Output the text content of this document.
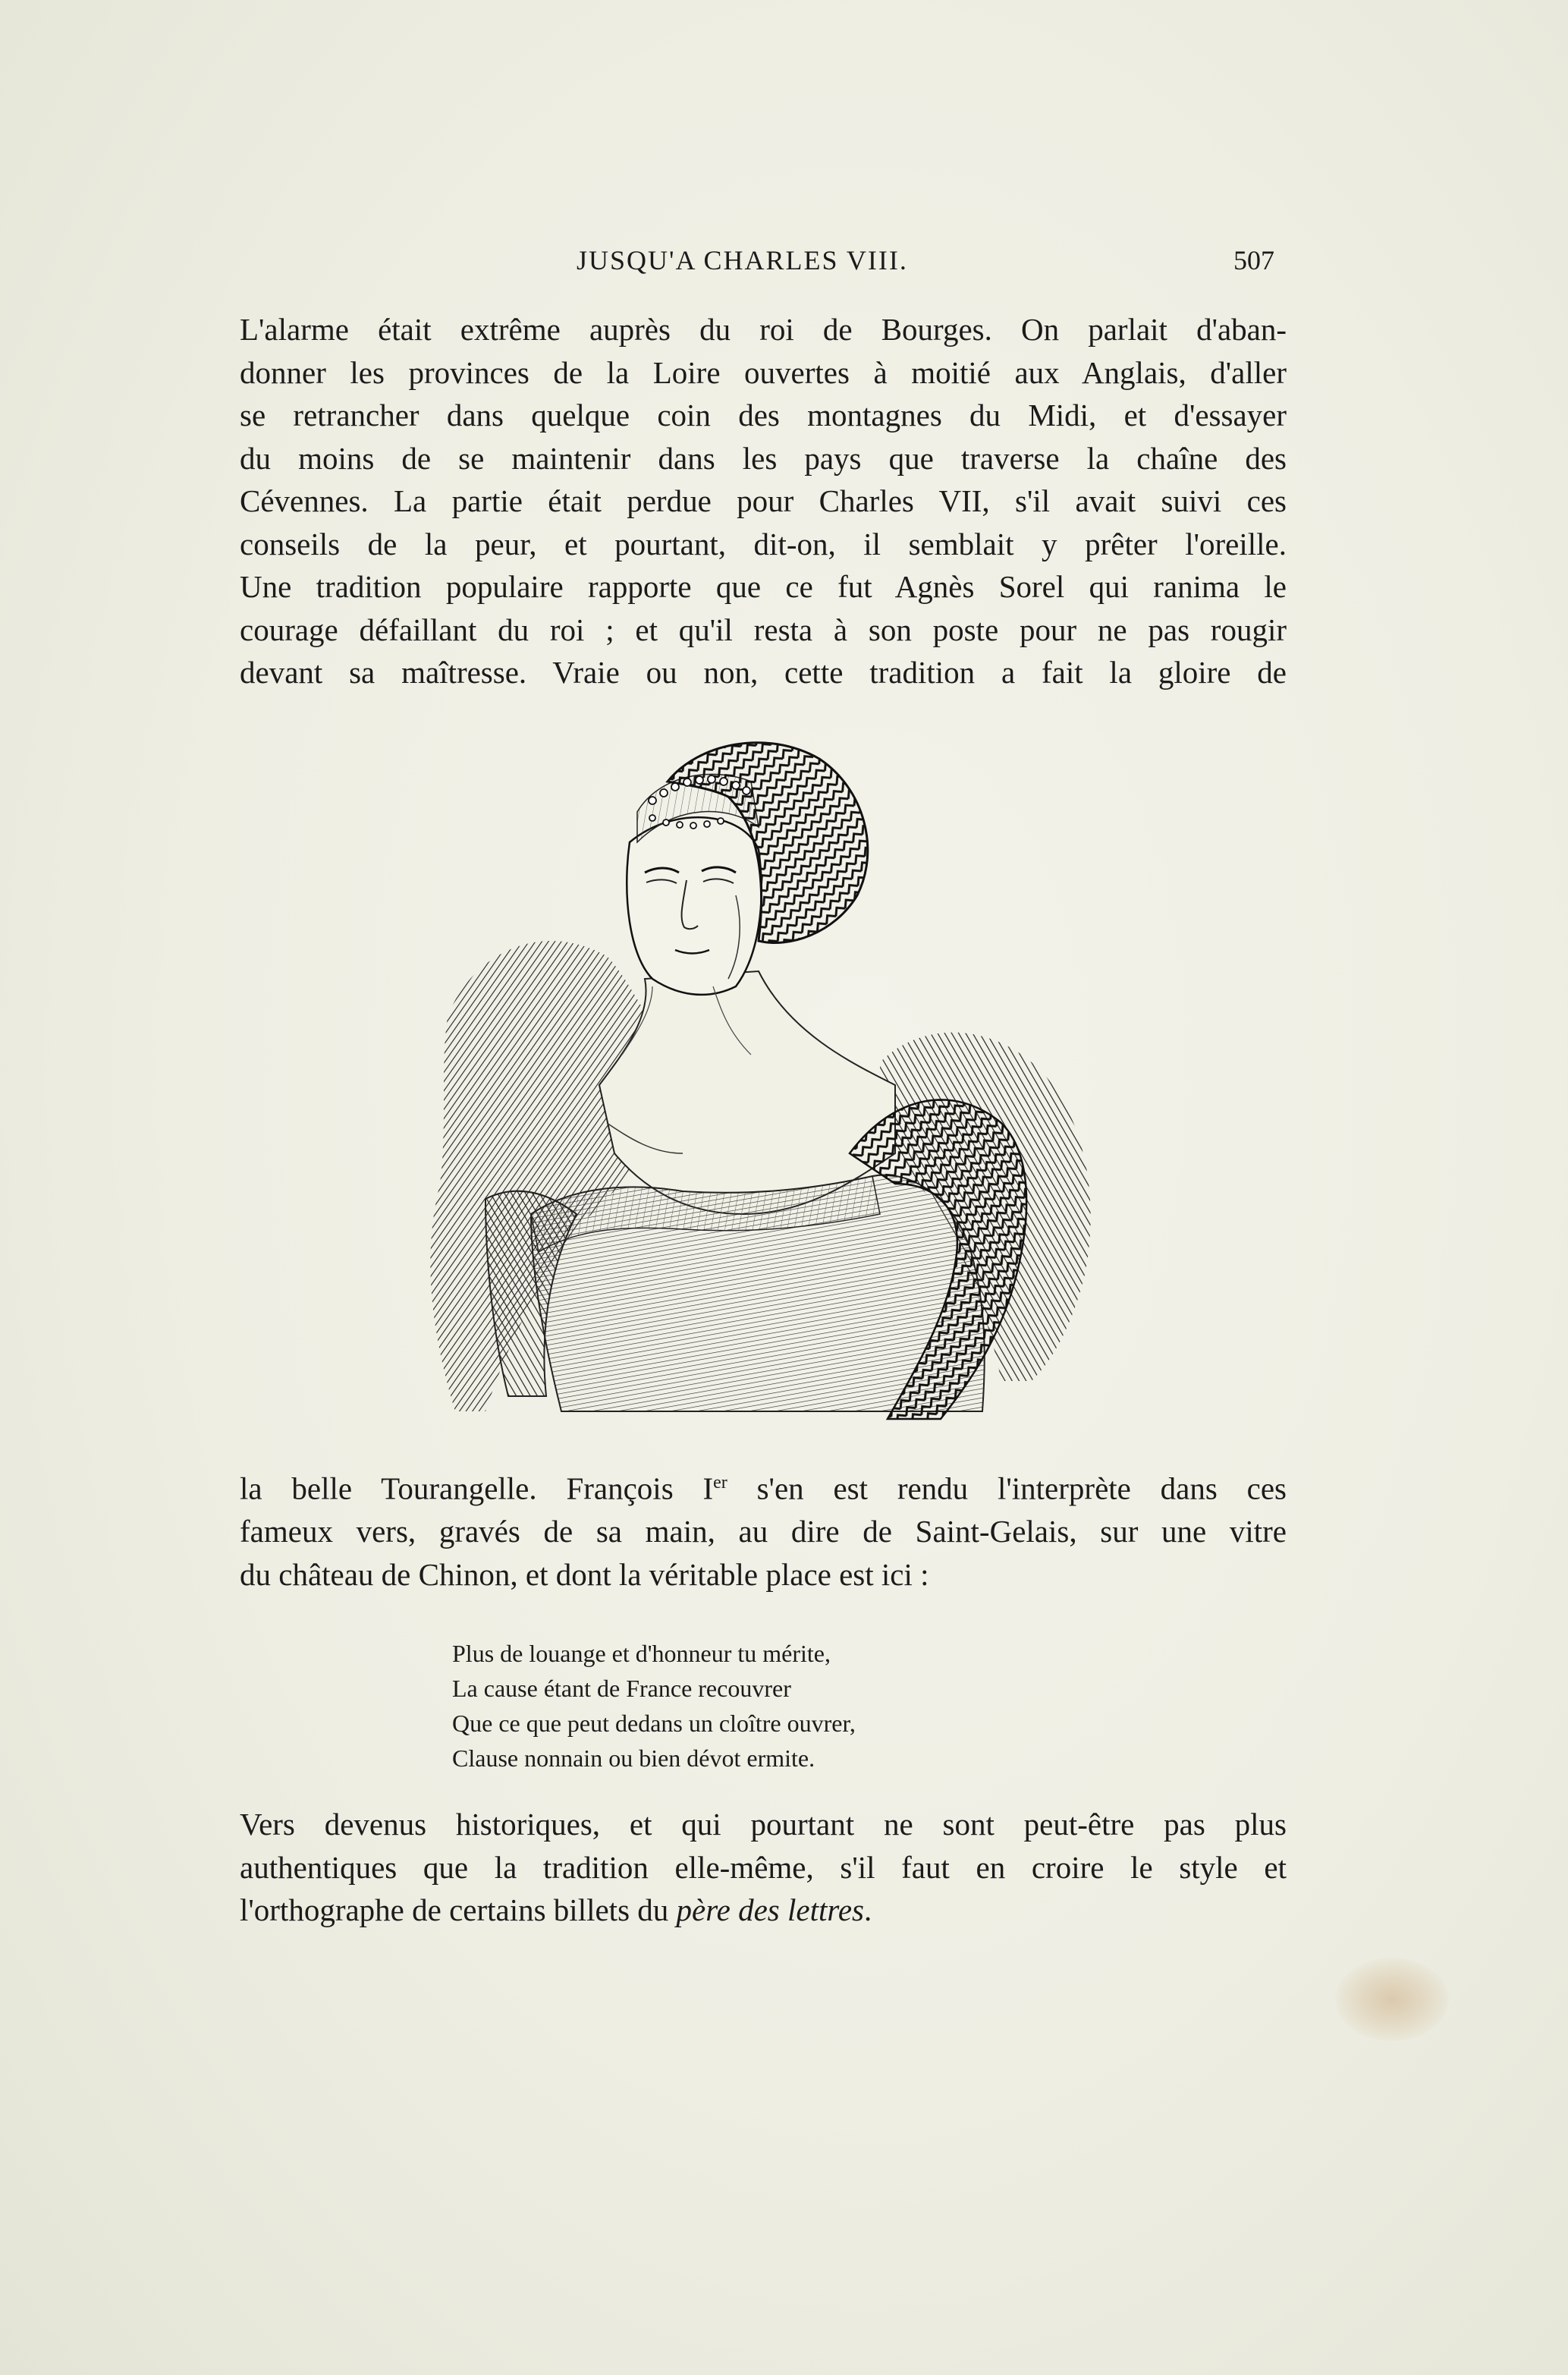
JUSQU'A CHARLES VIII.	507
L'alarme était extrême auprès du roi de Bourges. On parlait d'aban-
donner les provinces de la Loire ouvertes à moitié aux Anglais, d'aller
se retrancher dans quelque coin des montagnes du Midi, et d'essayer
du moins de se maintenir dans les pays que traverse la chaîne des
Cévennes. La partie était perdue pour Charles VII, s'il avait suivi ces
conseils de la peur, et pourtant, dit-on, il semblait y prêter l'oreille.
Une tradition populaire rapporte que ce fut Agnès Sorel qui ranima le
courage défaillant du roi ; et qu'il resta à son poste pour ne pas rougir
devant sa maîtresse. Vraie ou non, cette tradition a fait la gloire de
la belle Tourangelle. François Ier s'en est rendu l'interprète dans ces
fameux vers, gravés de sa main, au dire de Saint-Gelais, sur une vitre
du château de Chinon, et dont la véritable place est ici :
Plus de louange et d'honneur tu mérite,
La cause étant de France recouvrer
Que ce que peut dedans un cloître ouvrer,
Clause nonnain ou bien dévot ermite.
Vers devenus historiques, et qui pourtant ne sont peut-être pas plus
authentiques que la tradition elle-même, s'il faut en croire le style et
l'orthographe de certains billets du père des lettres.
